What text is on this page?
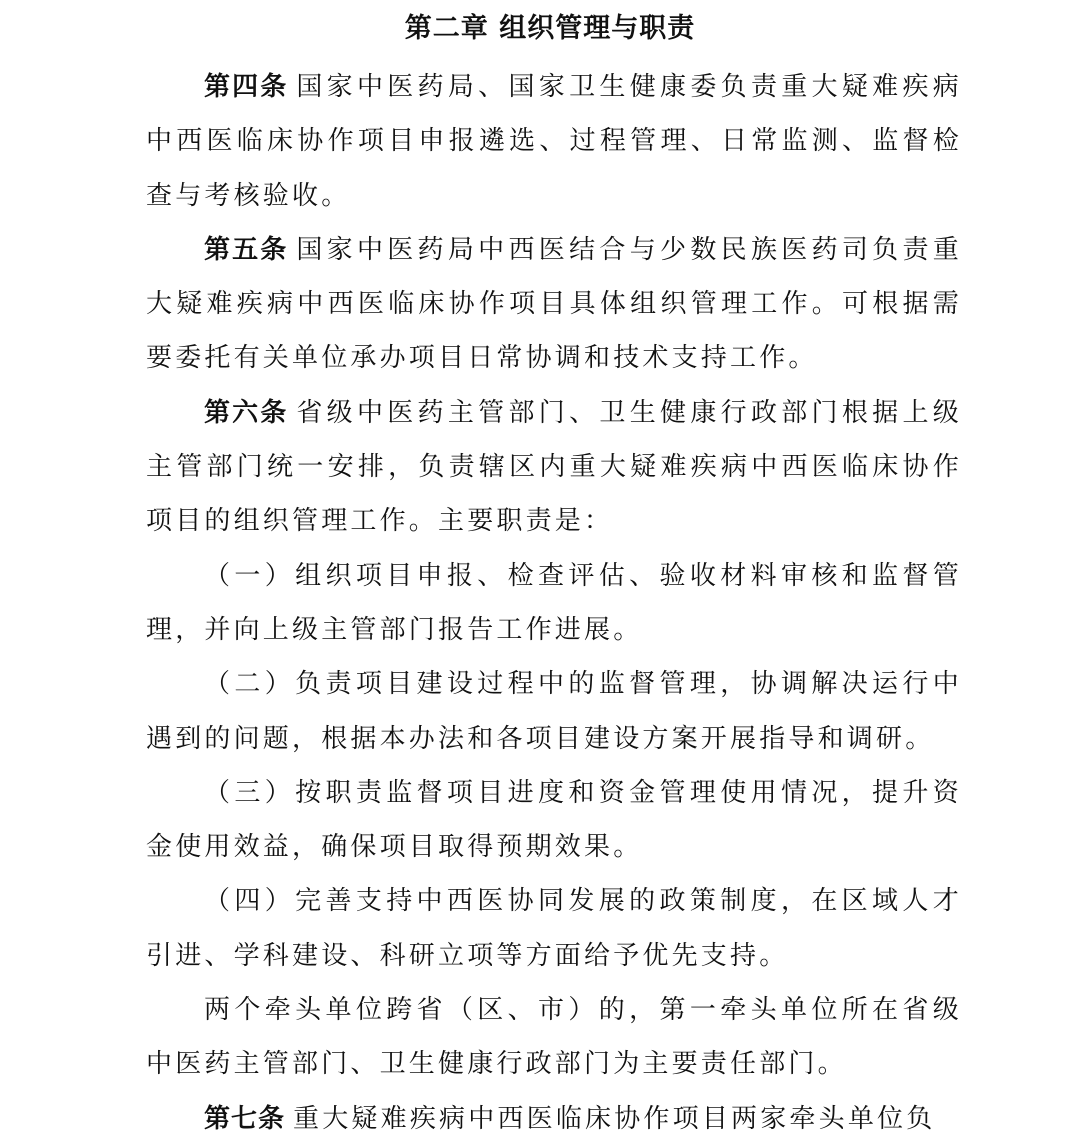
第二章 组织管理与职责

第四条 国家中医药局、国家卫生健康委负责重大疑难疾病中西医临床协作项目申报遴选、过程管理、日常监测、监督检查与考核验收。

第五条 国家中医药局中西医结合与少数民族医药司负责重大疑难疾病中西医临床协作项目具体组织管理工作。可根据需要委托有关单位承办项目日常协调和技术支持工作。

第六条 省级中医药主管部门、卫生健康行政部门根据上级主管部门统一安排，负责辖区内重大疑难疾病中西医临床协作项目的组织管理工作。主要职责是：

（一）组织项目申报、检查评估、验收材料审核和监督管理，并向上级主管部门报告工作进展。

（二）负责项目建设过程中的监督管理，协调解决运行中遇到的问题，根据本办法和各项目建设方案开展指导和调研。

（三）按职责监督项目进度和资金管理使用情况，提升资金使用效益，确保项目取得预期效果。

（四）完善支持中西医协同发展的政策制度，在区域人才引进、学科建设、科研立项等方面给予优先支持。

两个牵头单位跨省（区、市）的，第一牵头单位所在省级中医药主管部门、卫生健康行政部门为主要责任部门。

第七条 重大疑难疾病中西医临床协作项目两家牵头单位负
